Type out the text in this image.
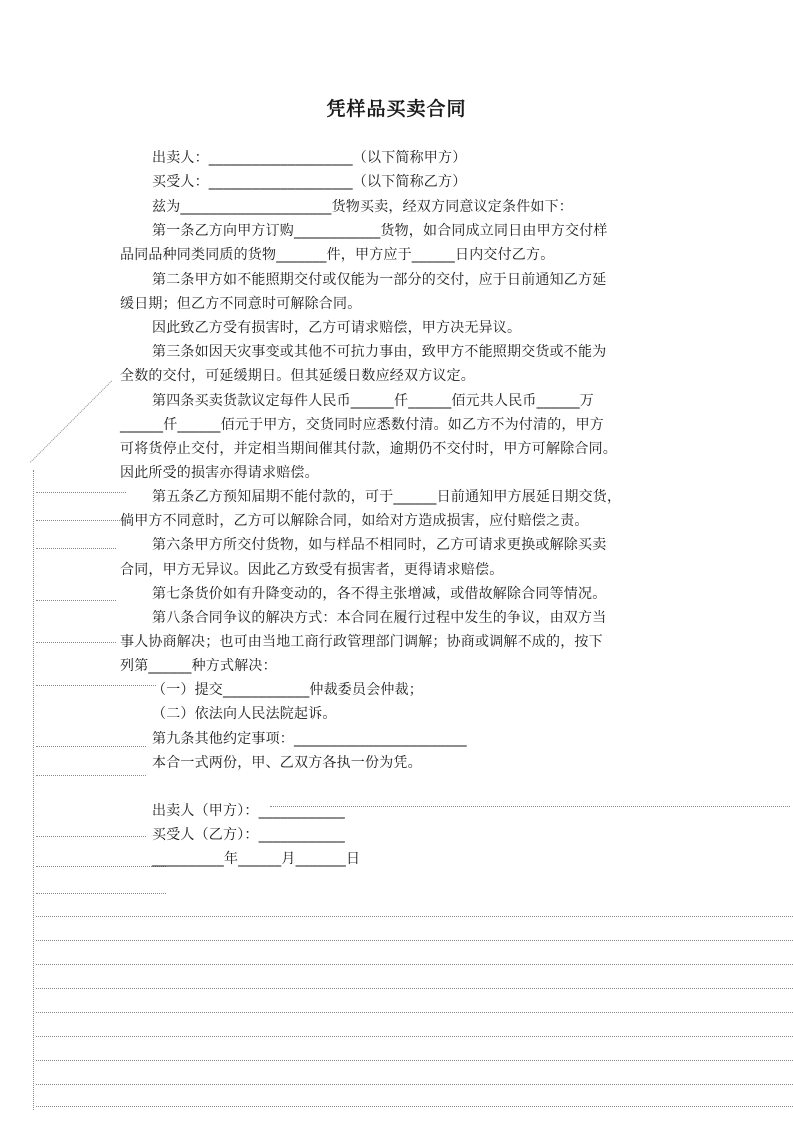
凭样品买卖合同
出卖人：____________________（以下简称甲方）
买受人：____________________（以下简称乙方）
兹为_____________________货物买卖，经双方同意议定条件如下：
第一条乙方向甲方订购____________货物，如合同成立同日由甲方交付样
品同品种同类同质的货物_______件，甲方应于______日内交付乙方。
第二条甲方如不能照期交付或仅能为一部分的交付，应于日前通知乙方延
缓日期；但乙方不同意时可解除合同。
因此致乙方受有损害时，乙方可请求赔偿，甲方决无异议。
第三条如因天灾事变或其他不可抗力事由，致甲方不能照期交货或不能为
全数的交付，可延缓期日。但其延缓日数应经双方议定。
第四条买卖货款议定每件人民币______仟______佰元共人民币______万
______仟______佰元于甲方，交货同时应悉数付清。如乙方不为付清的，甲方
可将货停止交付，并定相当期间催其付款，逾期仍不交付时，甲方可解除合同。
因此所受的损害亦得请求赔偿。
第五条乙方预知届期不能付款的，可于______日前通知甲方展延日期交货，
倘甲方不同意时，乙方可以解除合同，如给对方造成损害，应付赔偿之责。
第六条甲方所交付货物，如与样品不相同时，乙方可请求更换或解除买卖
合同，甲方无异议。因此乙方致受有损害者，更得请求赔偿。
第七条货价如有升降变动的，各不得主张增减，或借故解除合同等情况。
第八条合同争议的解决方式：本合同在履行过程中发生的争议，由双方当
事人协商解决；也可由当地工商行政管理部门调解；协商或调解不成的，按下
列第______种方式解决：
（一）提交____________仲裁委员会仲裁；
（二）依法向人民法院起诉。
第九条其他约定事项：________________________
本合一式两份，甲、乙双方各执一份为凭。
出卖人（甲方）：____________
买受人（乙方）：____________
__________年______月_______日
